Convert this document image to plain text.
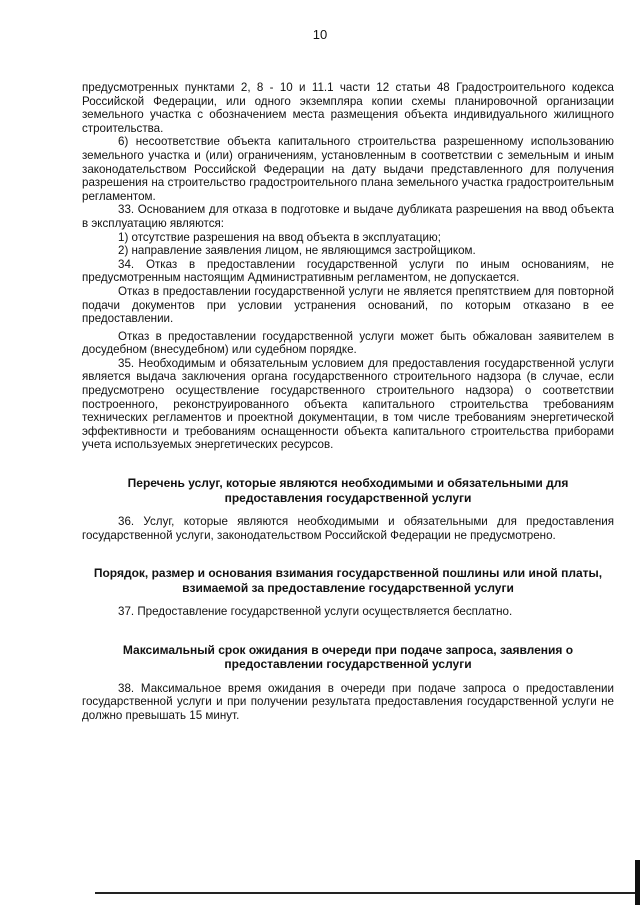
10

предусмотренных пунктами 2, 8 - 10 и 11.1 части 12 статьи 48 Градостроительного кодекса Российской Федерации, или одного экземпляра копии схемы планировочной организации земельного участка с обозначением места размещения объекта индивидуального жилищного строительства.

6) несоответствие объекта капитального строительства разрешенному использованию земельного участка и (или) ограничениям, установленным в соответствии с земельным и иным законодательством Российской Федерации на дату выдачи представленного для получения разрешения на строительство градостроительного плана земельного участка градостроительным регламентом.

33. Основанием для отказа в подготовке и выдаче дубликата разрешения на ввод объекта в эксплуатацию являются:

1) отсутствие разрешения на ввод объекта в эксплуатацию;

2) направление заявления лицом, не являющимся застройщиком.

34. Отказ в предоставлении государственной услуги по иным основаниям, не предусмотренным настоящим Административным регламентом, не допускается.

Отказ в предоставлении государственной услуги не является препятствием для повторной подачи документов при условии устранения оснований, по которым отказано в ее предоставлении.

Отказ в предоставлении государственной услуги может быть обжалован заявителем в досудебном (внесудебном) или судебном порядке.

35. Необходимым и обязательным условием для предоставления государственной услуги является выдача заключения органа государственного строительного надзора (в случае, если предусмотрено осуществление государственного строительного надзора) о соответствии построенного, реконструированного объекта капитального строительства требованиям технических регламентов и проектной документации, в том числе требованиям энергетической эффективности и требованиям оснащенности объекта капитального строительства приборами учета используемых энергетических ресурсов.

Перечень услуг, которые являются необходимыми и обязательными для предоставления государственной услуги

36. Услуг, которые являются необходимыми и обязательными для предоставления государственной услуги, законодательством Российской Федерации не предусмотрено.

Порядок, размер и основания взимания государственной пошлины или иной платы, взимаемой за предоставление государственной услуги

37. Предоставление государственной услуги осуществляется бесплатно.

Максимальный срок ожидания в очереди при подаче запроса, заявления о предоставлении государственной услуги

38. Максимальное время ожидания в очереди при подаче запроса о предоставлении государственной услуги и при получении результата предоставления государственной услуги не должно превышать 15 минут.
